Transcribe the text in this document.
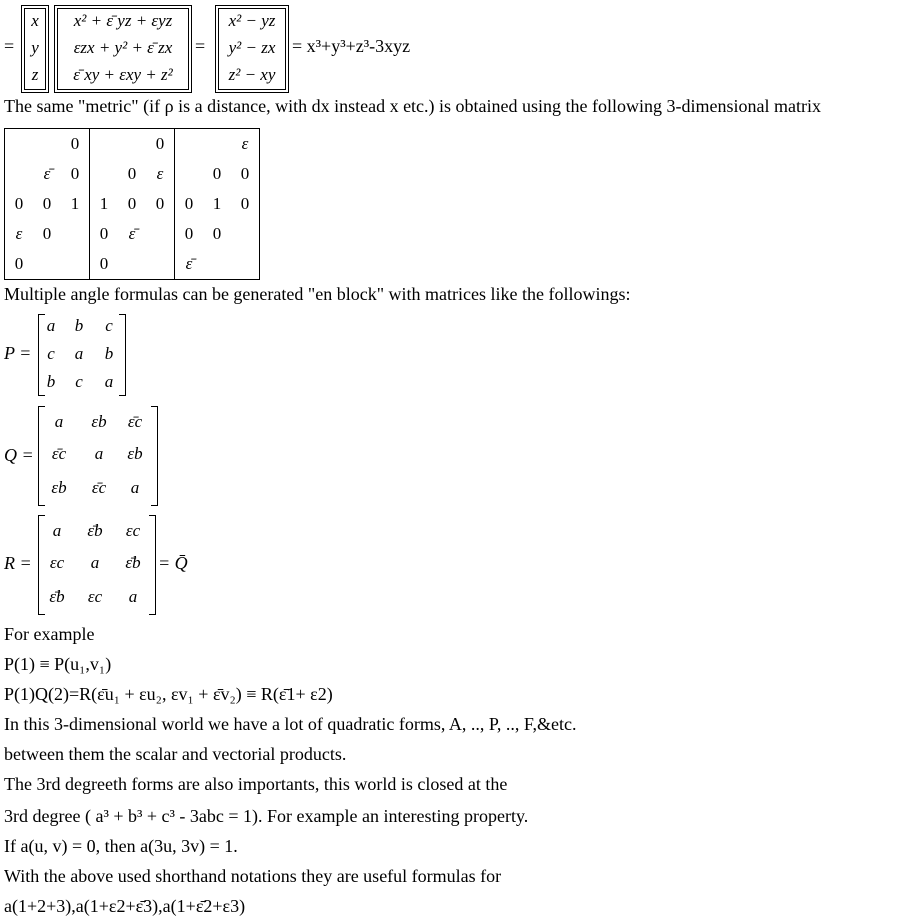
=
x
y
z
x² + ε̄ yz + εyz
εzx + y² + ε̄ zx
ε̄ xy + εxy + z²
=
x² − yz
y² − zx
z² − xy
= x³+y³+z³-3xyz
The same "metric" (if ρ is a distance, with dx instead x etc.) is obtained using the following 3-dimensional matrix
		0			0			ε
	ε̄	0		0	ε		0	0
0	0	1	1	0	0	0	1	0
ε	0		0	ε̄		0	0	
0			0			ε̄		
Multiple angle formulas can be generated "en block" with matrices like the followings:
P =
a	b	c
c	a	b
b	c	a
Q =
a	εb	ε̄c
ε̄c	a	εb
εb	ε̄c	a
R =
a	ε̄b	εc
εc	a	ε̄b
ε̄b	εc	a
= Q̄
For example
P(1) ≡ P(u₁,v₁)
P(1)Q(2)=R(ε̄u₁ + εu₂, εv₁ + ε̄v₂) ≡ R(ε̄1+ ε2)
In this 3-dimensional world we have a lot of quadratic forms, A, .., P, .., F,&etc.
between them the scalar and vectorial products.
The 3rd degreeth forms are also importants, this world is closed at the
3rd degree ( a³ + b³ + c³ - 3abc = 1). For example an interesting property.
If a(u, v) = 0, then a(3u, 3v) = 1.
With the above used shorthand notations they are useful formulas for
a(1+2+3),a(1+ε2+ε̄3),a(1+ε̄2+ε3)
